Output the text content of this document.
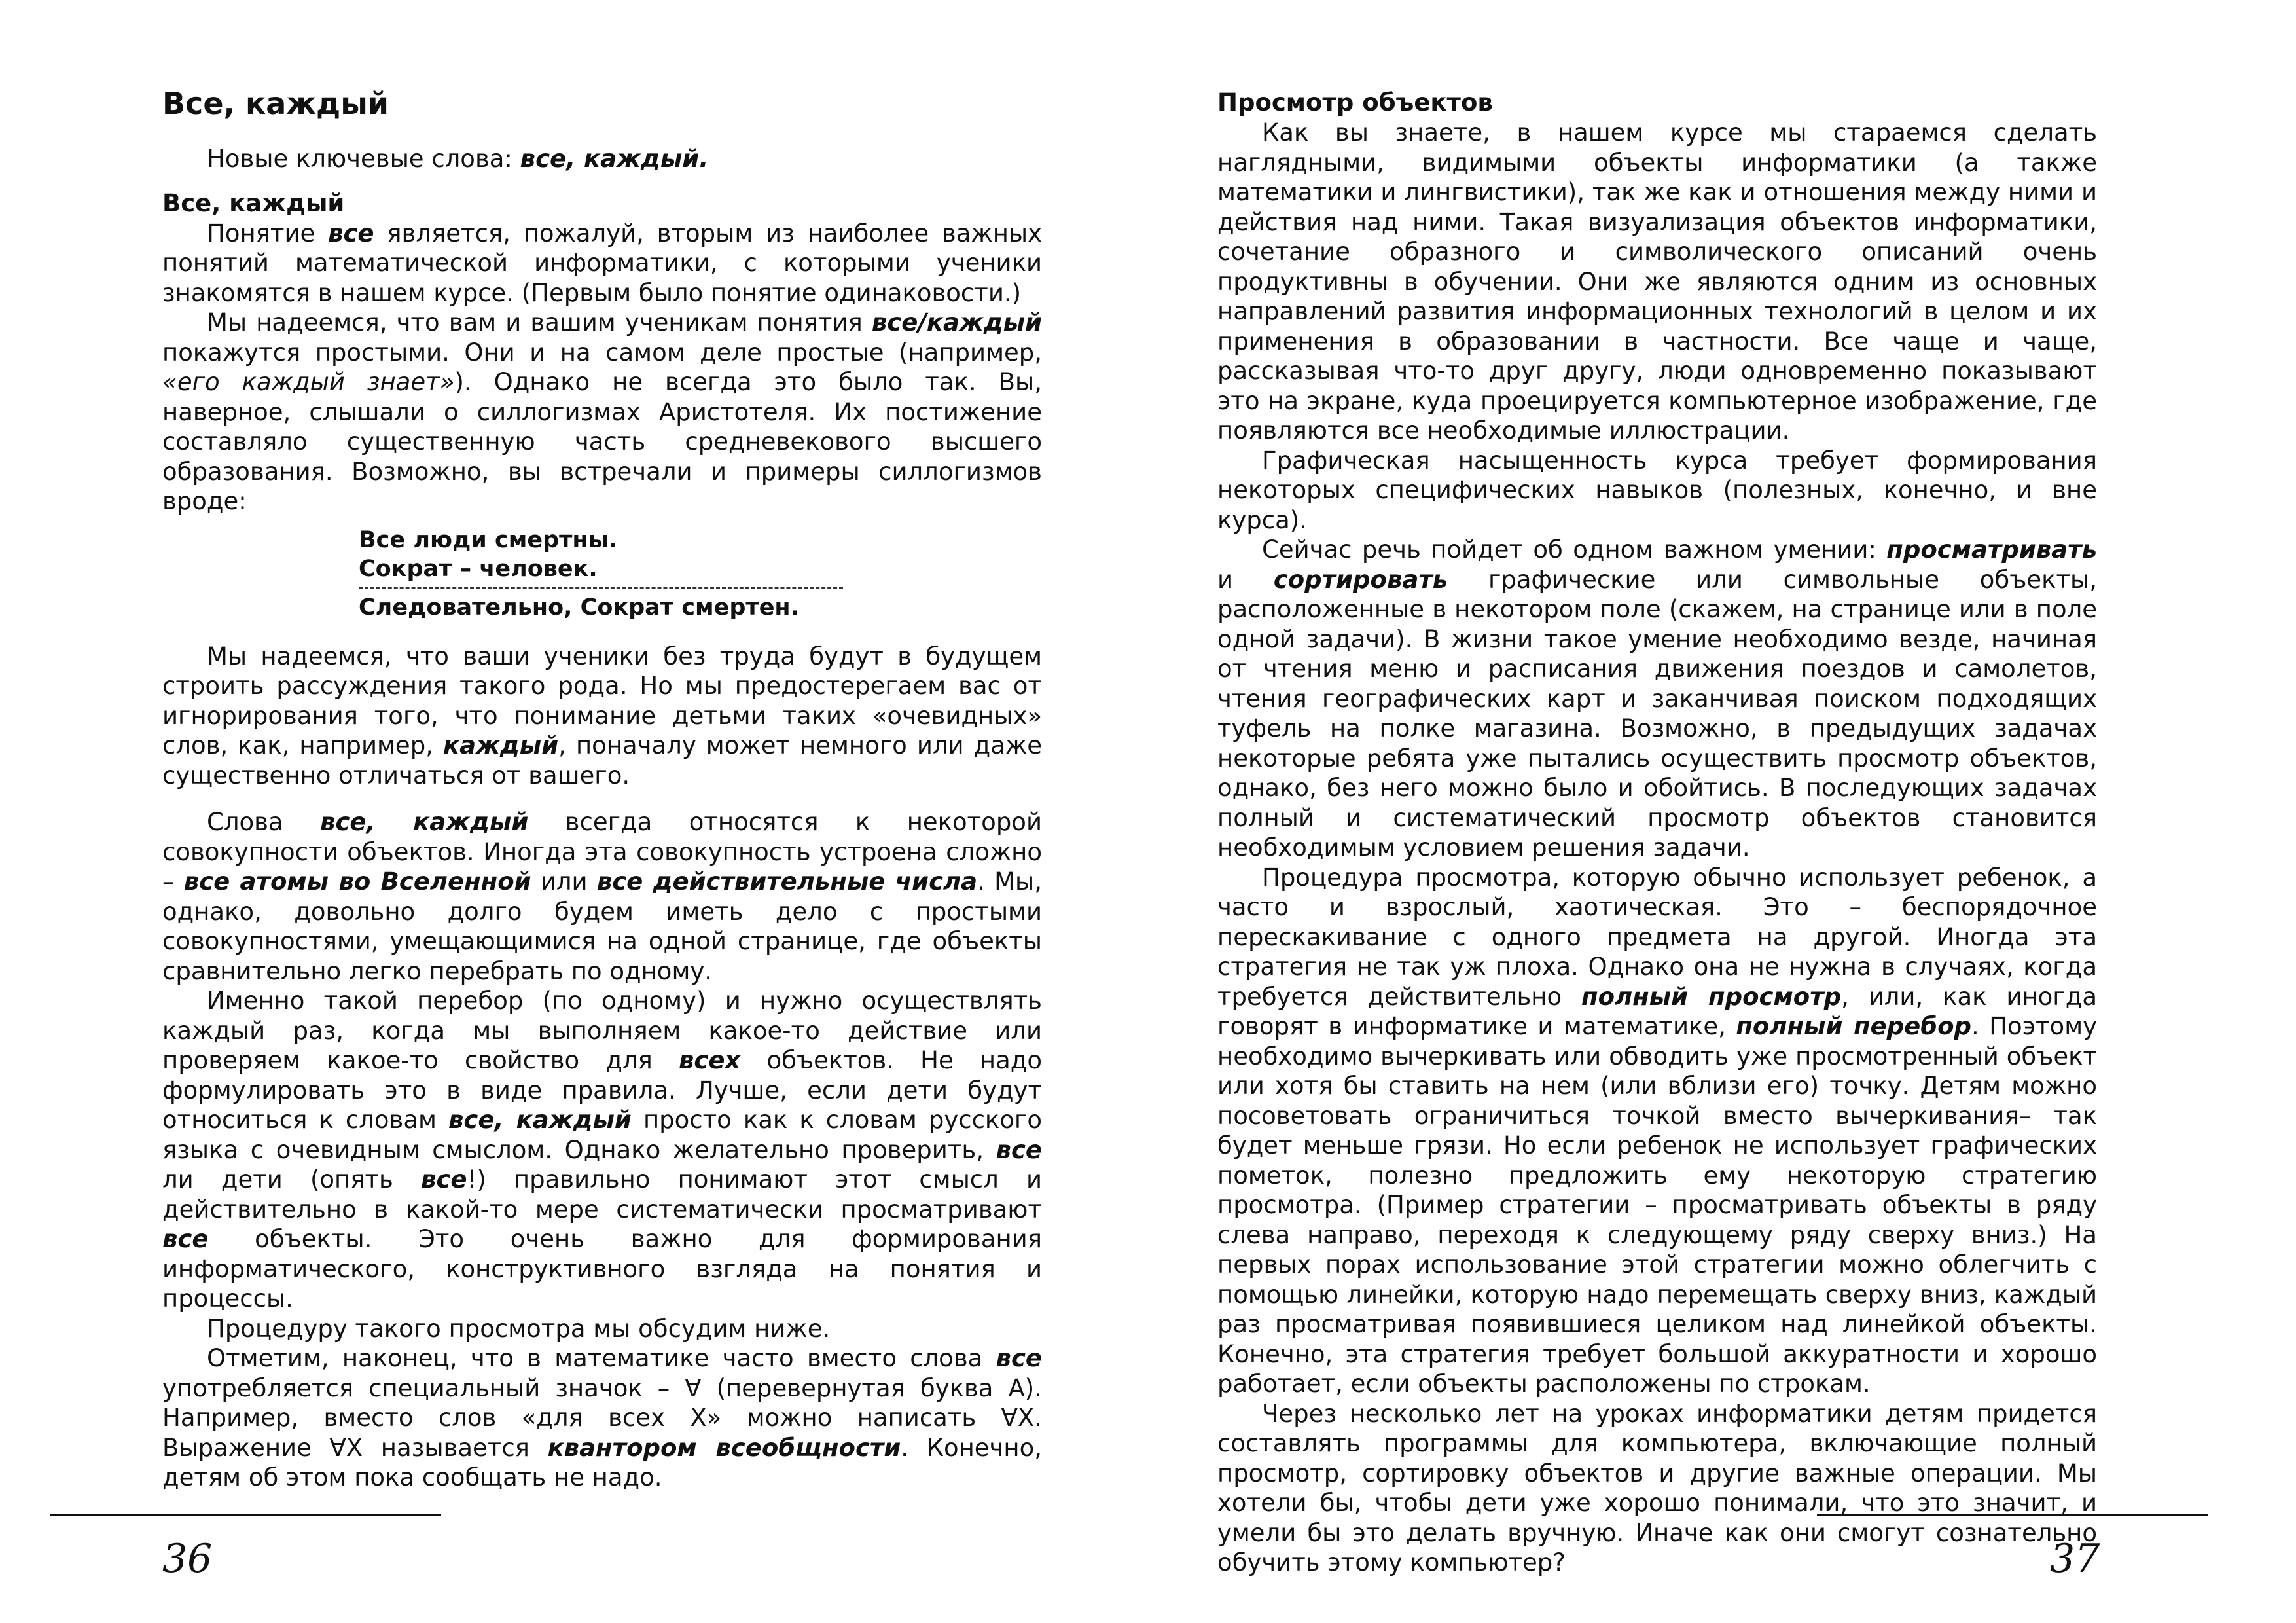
Все, каждый

Новые ключевые слова: все, каждый.

Все, каждый

Понятие все является, пожалуй, вторым из наиболее важных понятий математической информатики, с которыми ученики знакомятся в нашем курсе. (Первым было понятие одинаковости.)

Мы надеемся, что вам и вашим ученикам понятия все/каждый покажутся простыми. Они и на самом деле простые (например, «его каждый знает»). Однако не всегда это было так. Вы, наверное, слышали о силлогизмах Аристотеля. Их постижение составляло существенную часть средневекового высшего образования. Возможно, вы встречали и примеры силлогизмов вроде:

Все люди смертны.
Сократ – человек.
Следовательно, Сократ смертен.

Мы надеемся, что ваши ученики без труда будут в будущем строить рассуждения такого рода. Но мы предостерегаем вас от игнорирования того, что понимание детьми таких «очевидных» слов, как, например, каждый, поначалу может немного или даже существенно отличаться от вашего.

Слова все, каждый всегда относятся к некоторой совокупности объектов. Иногда эта совокупность устроена сложно – все атомы во Вселенной или все действительные числа. Мы, однако, довольно долго будем иметь дело с простыми совокупностями, умещающимися на одной странице, где объекты сравнительно легко перебрать по одному.

Именно такой перебор (по одному) и нужно осуществлять каждый раз, когда мы выполняем какое-то действие или проверяем какое-то свойство для всех объектов. Не надо формулировать это в виде правила. Лучше, если дети будут относиться к словам все, каждый просто как к словам русского языка с очевидным смыслом. Однако желательно проверить, все ли дети (опять все!) правильно понимают этот смысл и действительно в какой-то мере систематически просматривают все объекты. Это очень важно для формирования информатического, конструктивного взгляда на понятия и процессы.

Процедуру такого просмотра мы обсудим ниже.

Отметим, наконец, что в математике часто вместо слова все употребляется специальный значок – ∀ (перевернутая буква А). Например, вместо слов «для всех Х» можно написать ∀Х. Выражение ∀Х называется квантором всеобщности. Конечно, детям об этом пока сообщать не надо.

Просмотр объектов

Как вы знаете, в нашем курсе мы стараемся сделать наглядными, видимыми объекты информатики (а также математики и лингвистики), так же как и отношения между ними и действия над ними. Такая визуализация объектов информатики, сочетание образного и символического описаний очень продуктивны в обучении. Они же являются одним из основных направлений развития информационных технологий в целом и их применения в образовании в частности. Все чаще и чаще, рассказывая что-то друг другу, люди одновременно показывают это на экране, куда проецируется компьютерное изображение, где появляются все необходимые иллюстрации.

Графическая насыщенность курса требует формирования некоторых специфических навыков (полезных, конечно, и вне курса).

Сейчас речь пойдет об одном важном умении: просматривать и сортировать графические или символьные объекты, расположенные в некотором поле (скажем, на странице или в поле одной задачи). В жизни такое умение необходимо везде, начиная от чтения меню и расписания движения поездов и самолетов, чтения географических карт и заканчивая поиском подходящих туфель на полке магазина. Возможно, в предыдущих задачах некоторые ребята уже пытались осуществить просмотр объектов, однако, без него можно было и обойтись. В последующих задачах полный и систематический просмотр объектов становится необходимым условием решения задачи.

Процедура просмотра, которую обычно использует ребенок, а часто и взрослый, хаотическая. Это – беспорядочное перескакивание с одного предмета на другой. Иногда эта стратегия не так уж плоха. Однако она не нужна в случаях, когда требуется действительно полный просмотр, или, как иногда говорят в информатике и математике, полный перебор. Поэтому необходимо вычеркивать или обводить уже просмотренный объект или хотя бы ставить на нем (или вблизи его) точку. Детям можно посоветовать ограничиться точкой вместо вычеркивания– так будет меньше грязи. Но если ребенок не использует графических пометок, полезно предложить ему некоторую стратегию просмотра. (Пример стратегии – просматривать объекты в ряду слева направо, переходя к следующему ряду сверху вниз.) На первых порах использование этой стратегии можно облегчить с помощью линейки, которую надо перемещать сверху вниз, каждый раз просматривая появившиеся целиком над линейкой объекты. Конечно, эта стратегия требует большой аккуратности и хорошо работает, если объекты расположены по строкам.

Через несколько лет на уроках информатики детям придется составлять программы для компьютера, включающие полный просмотр, сортировку объектов и другие важные операции. Мы хотели бы, чтобы дети уже хорошо понимали, что это значит, и умели бы это делать вручную. Иначе как они смогут сознательно обучить этому компьютер?

36	37
